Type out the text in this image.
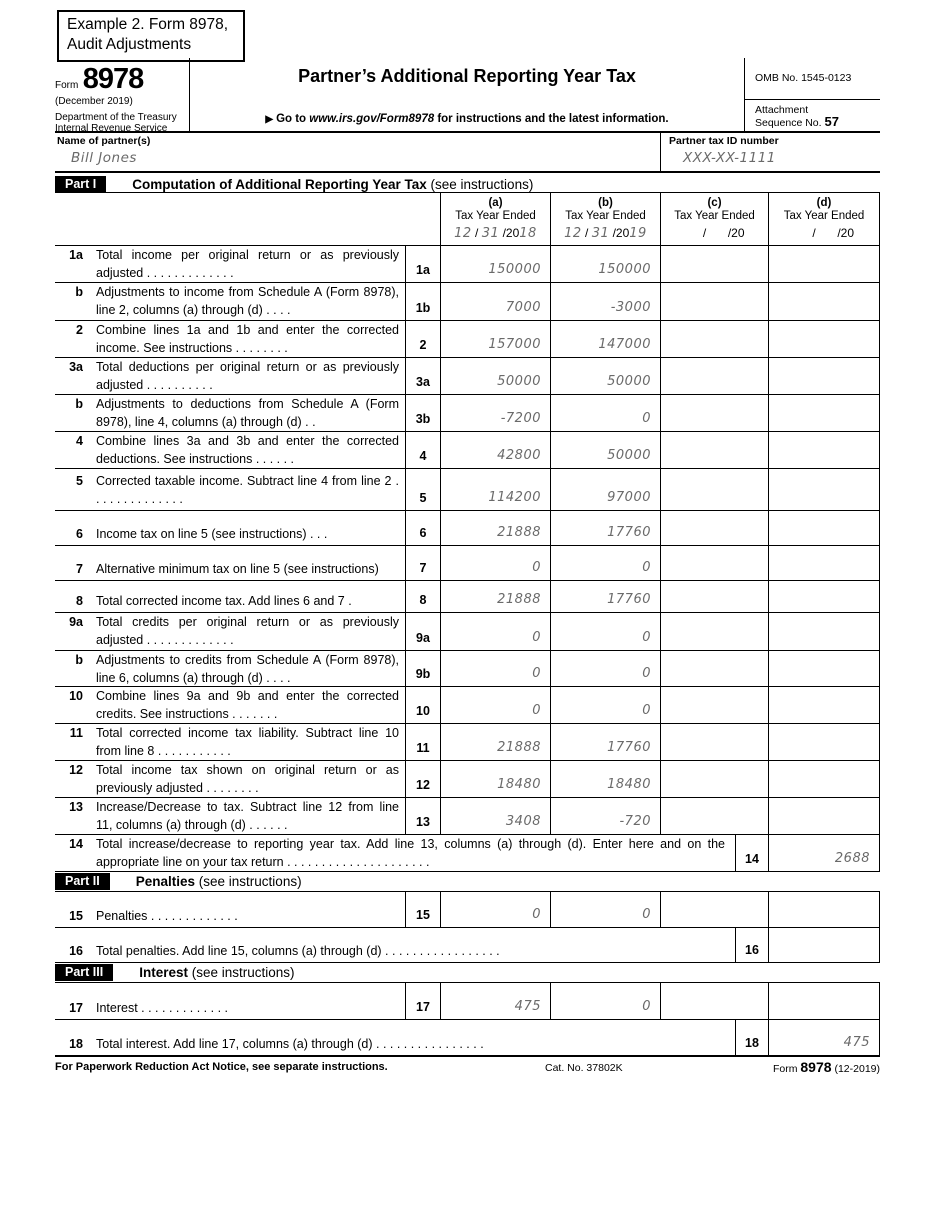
Example 2. Form 8978,
Audit Adjustments
Form 8978
(December 2019)
Department of the Treasury
Internal Revenue Service
Partner’s Additional Reporting Year Tax
▶ Go to www.irs.gov/Form8978 for instructions and the latest information.
OMB No. 1545-0123
Attachment
Sequence No. 57
Name of partner(s)
Bill Jones
Partner tax ID number
XXX-XX-1111
Part I	Computation of Additional Reporting Year Tax (see instructions)
(a)
Tax Year Ended
12 / 31 /2018
(b)
Tax Year Ended
12 / 31 /2019
(c)
Tax Year Ended
/  /20
(d)
Tax Year Ended
/  /20
1a Total income per original return or as previously adjusted . . . . . . . . . . . . .	1a	150000	150000
b Adjustments to income from Schedule A (Form 8978), line 2, columns (a) through (d) . . . .	1b	7000	-3000
2 Combine lines 1a and 1b and enter the corrected income. See instructions . . . . . . . .	2	157000	147000
3a Total deductions per original return or as previously adjusted . . . . . . . . . .	3a	50000	50000
b Adjustments to deductions from Schedule A (Form 8978), line 4, columns (a) through (d) . .	3b	-7200	0
4 Combine lines 3a and 3b and enter the corrected deductions. See instructions . . . . . .	4	42800	50000
5 Corrected taxable income. Subtract line 4 from line 2 . . . . . . . . . . . . . .	5	114200	97000
6 Income tax on line 5 (see instructions) . . .	6	21888	17760
7 Alternative minimum tax on line 5 (see instructions)	7	0	0
8 Total corrected income tax. Add lines 6 and 7 .	8	21888	17760
9a Total credits per original return or as previously adjusted . . . . . . . . . . . . .	9a	0	0
b Adjustments to credits from Schedule A (Form 8978), line 6, columns (a) through (d) . . . .	9b	0	0
10 Combine lines 9a and 9b and enter the corrected credits. See instructions . . . . . . .	10	0	0
11 Total corrected income tax liability. Subtract line 10 from line 8 . . . . . . . . . . .	11	21888	17760
12 Total income tax shown on original return or as previously adjusted . . . . . . . .	12	18480	18480
13 Increase/Decrease to tax. Subtract line 12 from line 11, columns (a) through (d) . . . . . .	13	3408	-720
14 Total increase/decrease to reporting year tax. Add line 13, columns (a) through (d). Enter here and on the appropriate line on your tax return . . . . . . . . . . . . . . . . . . . . .	14	2688
Part II	Penalties (see instructions)
15 Penalties . . . . . . . . . . . . .	15	0	0
16 Total penalties. Add line 15, columns (a) through (d) . . . . . . . . . . . . . . . . .	16
Part III	Interest (see instructions)
17 Interest . . . . . . . . . . . . .	17	475	0
18 Total interest. Add line 17, columns (a) through (d) . . . . . . . . . . . . . . . .	18	475
For Paperwork Reduction Act Notice, see separate instructions.	Cat. No. 37802K	Form 8978 (12-2019)
